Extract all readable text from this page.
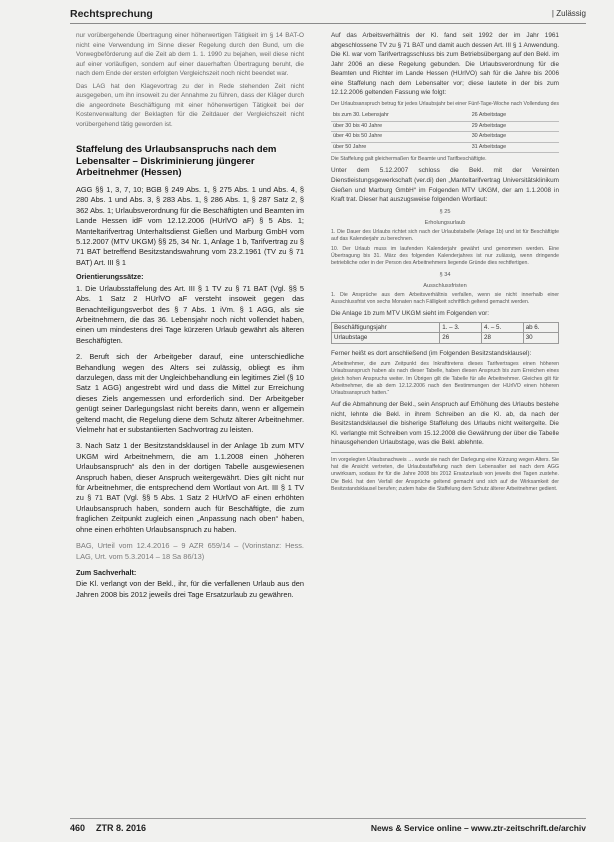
Rechtsprechung	| Zulässig

nur vorübergehende Übertragung einer höherwertigen Tätigkeit im § 14 BAT-O nicht eine Verwendung im Sinne dieser Regelung durch den Bund, um die Vorwegbeförderung auf die Zeit ab dem 1. 1. 1990 zu bejahen, weil diese nicht auf einer vorläufigen, sondern auf einer dauerhaften Übertragung beruht, die nach dem Ende der ersten erfolgten Vergleichszeit noch nicht beendet war.

Das LAG hat den Klagevortrag zu der in Rede stehenden Zeit nicht ausgegeben, um ihn insoweit zu der Annahme zu führen, dass der Kläger durch die angeordnete Beschäftigung mit einer höherwertigen Tätigkeit bei der Kostenverwaltung der Beklagten für die Zeitdauer der Vergleichszeit nicht vorübergehend tätig geworden ist.

Staffelung des Urlaubsanspruchs nach dem Lebensalter – Diskriminierung jüngerer Arbeitnehmer (Hessen)

AGG §§ 1, 3, 7, 10; BGB § 249 Abs. 1, § 275 Abs. 1 und Abs. 4, § 280 Abs. 1 und Abs. 3, § 283 Abs. 1, § 286 Abs. 1, § 287 Satz 2, § 362 Abs. 1; Urlaubsverordnung für die Beschäftigten und Beamten im Lande Hessen idF vom 12.12.2006 (HUrlVO aF) § 5 Abs. 1; Manteltarifvertrag Unterhaltsdienst Gießen und Marburg GmbH vom 5.12.2007 (MTV UKGM) §§ 25, 34 Nr. 1, Anlage 1 b, Tarifvertrag zu § 71 BAT betreffend Besitzstandswahrung vom 23.2.1961 (TV zu § 71 BAT) Art. III § 1

Orientierungssätze:

1. Die Urlaubsstaffelung des Art. III § 1 TV zu § 71 BAT (Vgl. §§ 5 Abs. 1 Satz 2 HUrlVO aF versteht insoweit gegen das Benachteiligungsverbot des § 7 Abs. 1 iVm. § 1 AGG, als sie Arbeitnehmern, die das 36. Lebensjahr noch nicht vollendet haben, einen um mindestens drei Tage kürzeren Urlaub gewährt als älteren Beschäftigten.

2. Beruft sich der Arbeitgeber darauf, eine unterschiedliche Behandlung wegen des Alters sei zulässig, obliegt es ihm darzulegen, dass mit der Ungleichbehandlung ein legitimes Ziel (§ 10 Satz 1 AGG) angestrebt wird und dass die Mittel zur Erreichung dieses Ziels angemessen und erforderlich sind. Der Arbeitgeber genügt seiner Darlegungslast nicht bereits dann, wenn er allgemein geltend macht, die Regelung diene dem Schutz älterer Arbeitnehmer. Vielmehr hat er substantiierten Sachvortrag zu leisten.

3. Nach Satz 1 der Besitzstandsklausel in der Anlage 1b zum MTV UKGM wird Arbeitnehmern, die am 1.1.2008 einen „höheren Urlaubsanspruch“ als den in der dortigen Tabelle ausgewiesenen Anspruch haben, dieser Anspruch weitergewährt. Dies gilt nicht nur für Arbeitnehmer, die entsprechend dem Wortlaut von Art. III § 1 TV zu § 71 BAT (Vgl. §§ 5 Abs. 1 Satz 2 HUrlVO aF einen erhöhten Urlaubsanspruch haben, sondern auch für Beschäftigte, die zum fraglichen Zeitpunkt zugleich einen „Anpassung nach oben“ haben, ohne einen erhöhten Urlaubsanspruch zu haben.

BAG, Urteil vom 12.4.2016 – 9 AZR 659/14 – (Vorinstanz: Hess. LAG, Urt. vom 5.3.2014 – 18 Sa 86/13)

Zum Sachverhalt:

Die Kl. verlangt von der Bekl., ihr, für die verfallenen Urlaub aus den Jahren 2008 bis 2012 jeweils drei Tage Ersatzurlaub zu gewähren.

Auf das Arbeitsverhältnis der Kl. fand seit 1992 der im Jahr 1961 abgeschlossene TV zu § 71 BAT und damit auch dessen Art. III § 1 Anwendung. Die Kl. war vom Tarifvertragsschluss bis zum Betriebsübergang auf den Bekl. im Jahr 2006 an diese Regelung gebunden. Die Urlaubsverordnung für die Beamten und Richter im Lande Hessen (HUrlVO) sah für die Jahre bis 2006 eine Staffelung nach dem Lebensalter vor; diese lautete in der bis zum 12.12.2006 geltenden Fassung wie folgt:

Der Urlaubsanspruch betrug für jedes Urlaubsjahr bei einer Fünf-Tage-Woche nach Vollendung des

bis zum 30. Lebensjahr	26 Arbeitstage
über 30 bis 40 Jahre	29 Arbeitstage
über 40 bis 50 Jahre	30 Arbeitstage
über 50 Jahre	31 Arbeitstage

Die Staffelung galt gleichermaßen für Beamte und Tarifbeschäftigte.

Unter dem 5.12.2007 schloss die Bekl. mit der Vereinten Dienstleistungsgewerkschaft (ver.di) den „Manteltarifvertrag Universitätsklinikum Gießen und Marburg GmbH“ im Folgenden MTV UKGM, der am 1.1.2008 in Kraft trat. Dieser hat auszugsweise folgenden Wortlaut:

§ 25

Erholungsurlaub

1. Die Dauer des Urlaubs richtet sich nach der Urlaubstabelle (Anlage 1b) und ist für Beschäftigte auf das Kalenderjahr zu berechnen.

10. Der Urlaub muss im laufenden Kalenderjahr gewährt und genommen werden. Eine Übertragung bis 31. März des folgenden Kalenderjahres ist nur zulässig, wenn dringende betriebliche oder in der Person des Arbeitnehmers liegende Gründe dies rechtfertigen.

§ 34

Ausschlussfristen

1. Die Ansprüche aus dem Arbeitsverhältnis verfallen, wenn sie nicht innerhalb einer Ausschlussfrist von sechs Monaten nach Fälligkeit schriftlich geltend gemacht werden.

Die Anlage 1b zum MTV UKGM sieht im Folgenden vor:

Beschäftigungsjahr	1. – 3.	4. – 5.	ab 6.
Urlaubstage	26	28	30

Ferner heißt es dort anschließend (im Folgenden Besitzstandsklausel):

„Arbeitnehmer, die zum Zeitpunkt des Inkrafttretens dieses Tarifvertrages einen höheren Urlaubsanspruch haben als nach dieser Tabelle, haben diesen Anspruch bis zum Erreichen eines gleich hohen Anspruchs weiter. Im Übrigen gilt die Tabelle für alle Arbeitnehmer. Gleiches gilt für Arbeitnehmer, die ab dem 12.12.2006 nach den Bestimmungen der HUrlVO einen höheren Urlaubsanspruch hatten.“

Auf die Abmahnung der Bekl., sein Anspruch auf Erhöhung des Urlaubs bestehe nicht, lehnte die Bekl. in ihrem Schreiben an die Kl. ab, da nach der Besitzstandsklausel die bisherige Staffelung des Urlaubs nicht weitergelte. Die Kl. verlangte mit Schreiben vom 15.12.2008 die Gewährung der über die Tabelle hinausgehenden Urlaubstage, was die Bekl. ablehnte.

Im vorgelegten Urlaubsnachweis … wurde sie nach der Darlegung eine Kürzung wegen Alters. Sie hat die Ansicht vertreten, die Urlaubsstaffelung nach dem Lebensalter sei nach dem AGG unwirksam, sodass ihr für die Jahre 2008 bis 2012 Ersatzurlaub von jeweils drei Tagen zustehe. Die Bekl. hat den Verfall der Ansprüche geltend gemacht und sich auf die Wirksamkeit der Besitzstandsklausel berufen; zudem habe die Staffelung dem Schutz älterer Arbeitnehmer gedient.

460 ZTR 8. 2016	News & Service online – www.ztr-zeitschrift.de/archiv
